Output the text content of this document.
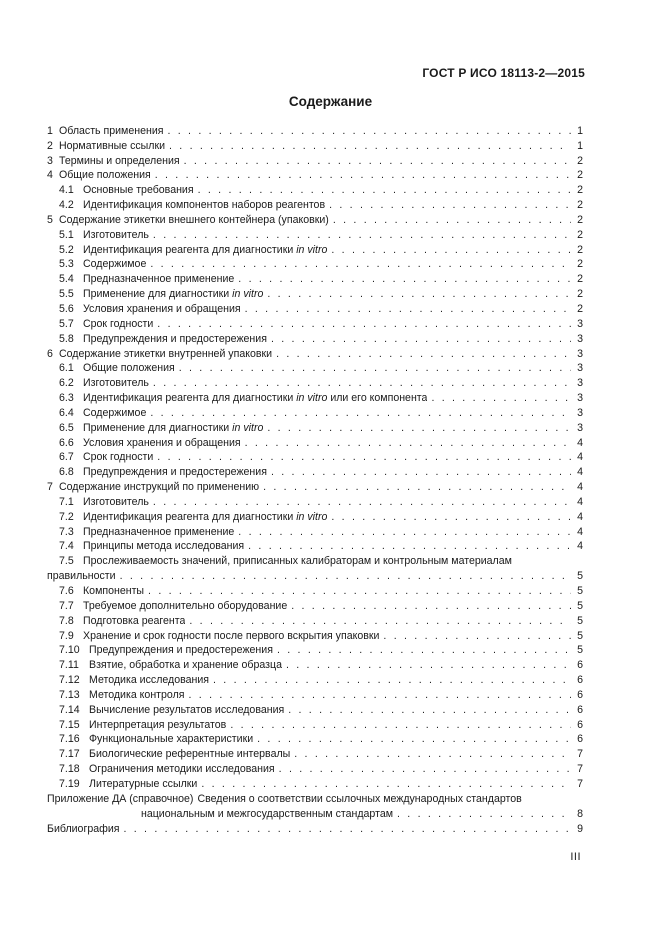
ГОСТ Р ИСО 18113-2—2015
Содержание
1 Область применения . . .	1
2 Нормативные ссылки . . .	1
3 Термины и определения . . .	2
4 Общие положения . . .	2
4.1 Основные требования . . .	2
4.2 Идентификация компонентов наборов реагентов . . .	2
5 Содержание этикетки внешнего контейнера (упаковки) . . .	2
5.1 Изготовитель . . .	2
5.2 Идентификация реагента для диагностики in vitro . . .	2
5.3 Содержимое . . .	2
5.4 Предназначенное применение . . .	2
5.5 Применение для диагностики in vitro . . .	2
5.6 Условия хранения и обращения . . .	2
5.7 Срок годности . . .	3
5.8 Предупреждения и предостережения . . .	3
6 Содержание этикетки внутренней упаковки . . .	3
6.1 Общие положения . . .	3
6.2 Изготовитель . . .	3
6.3 Идентификация реагента для диагностики in vitro или его компонента . . .	3
6.4 Содержимое . . .	3
6.5 Применение для диагностики in vitro . . .	3
6.6 Условия хранения и обращения . . .	4
6.7 Срок годности . . .	4
6.8 Предупреждения и предостережения . . .	4
7 Содержание инструкций по применению . . .	4
7.1 Изготовитель . . .	4
7.2 Идентификация реагента для диагностики in vitro . . .	4
7.3 Предназначенное применение . . .	4
7.4 Принципы метода исследования . . .	4
7.5 Прослеживаемость значений, приписанных калибраторам и контрольным материалам
правильности . . .	5
7.6 Компоненты . . .	5
7.7 Требуемое дополнительно оборудование . . .	5
7.8 Подготовка реагента . . .	5
7.9 Хранение и срок годности после первого вскрытия упаковки . . .	5
7.10 Предупреждения и предостережения . . .	5
7.11 Взятие, обработка и хранение образца . . .	6
7.12 Методика исследования . . .	6
7.13 Методика контроля . . .	6
7.14 Вычисление результатов исследования . . .	6
7.15 Интерпретация результатов . . .	6
7.16 Функциональные характеристики . . .	6
7.17 Биологические референтные интервалы . . .	7
7.18 Ограничения методики исследования . . .	7
7.19 Литературные ссылки . . .	7
Приложение ДА (справочное) Сведения о соответствии ссылочных международных стандартов
национальным и межгосударственным стандартам . . .	8
Библиография . . .	9
III
